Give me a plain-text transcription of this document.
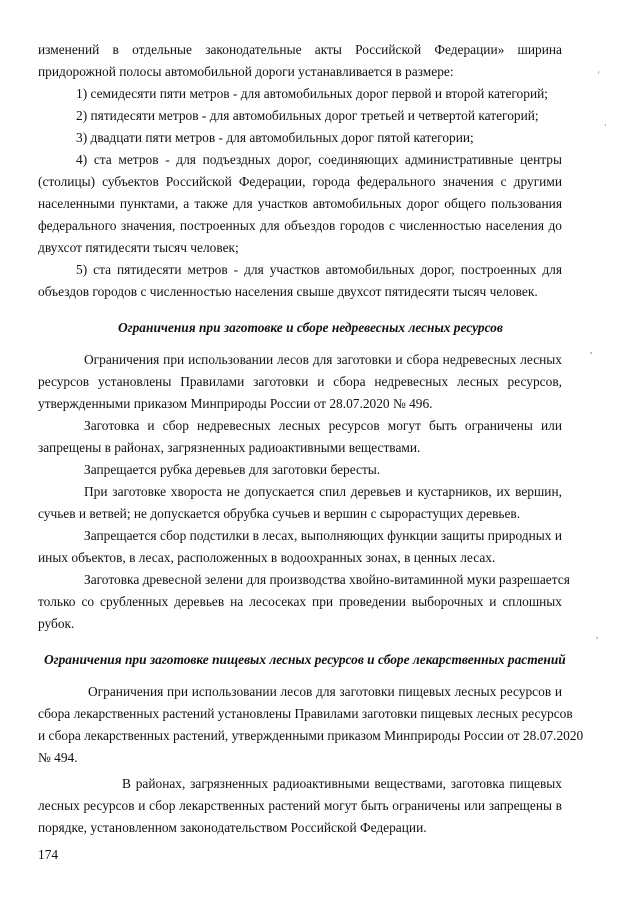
изменений в отдельные законодательные акты Российской Федерации» ширина
придорожной полосы автомобильной дороги устанавливается в размере:
1) семидесяти пяти метров - для автомобильных дорог первой и второй категорий;
2) пятидесяти метров - для автомобильных дорог третьей и четвертой категорий;
3) двадцати пяти метров - для автомобильных дорог пятой категории;
4) ста метров - для подъездных дорог, соединяющих административные центры
(столицы) субъектов Российской Федерации, города федерального значения с другими
населенными пунктами, а также для участков автомобильных дорог общего пользования
федерального значения, построенных для объездов городов с численностью населения до
двухсот пятидесяти тысяч человек;
5) ста пятидесяти метров - для участков автомобильных дорог, построенных для
объездов городов с численностью населения свыше двухсот пятидесяти тысяч человек.
Ограничения при заготовке и сборе недревесных лесных ресурсов
Ограничения при использовании лесов для заготовки и сбора недревесных лесных
ресурсов установлены Правилами заготовки и сбора недревесных лесных ресурсов,
утвержденными приказом Минприроды России от 28.07.2020 № 496.
Заготовка и сбор недревесных лесных ресурсов могут быть ограничены или
запрещены в районах, загрязненных радиоактивными веществами.
Запрещается рубка деревьев для заготовки бересты.
При заготовке хвороста не допускается спил деревьев и кустарников, их вершин,
сучьев и ветвей; не допускается обрубка сучьев и вершин с сырорастущих деревьев.
Запрещается сбор подстилки в лесах, выполняющих функции защиты природных и
иных объектов, в лесах, расположенных в водоохранных зонах, в ценных лесах.
Заготовка древесной зелени для производства хвойно-витаминной муки разрешается
только со срубленных деревьев на лесосеках при проведении выборочных и сплошных
рубок.
Ограничения при заготовке пищевых лесных ресурсов и сборе лекарственных растений
Ограничения при использовании лесов для заготовки пищевых лесных ресурсов и
сбора лекарственных растений установлены Правилами заготовки пищевых лесных ресурсов
и сбора лекарственных растений, утвержденными приказом Минприроды России от 28.07.2020
№ 494.
В районах, загрязненных радиоактивными веществами, заготовка пищевых
лесных ресурсов и сбор лекарственных растений могут быть ограничены или запрещены в
порядке, установленном законодательством Российской Федерации.
174
'
·
,
,
